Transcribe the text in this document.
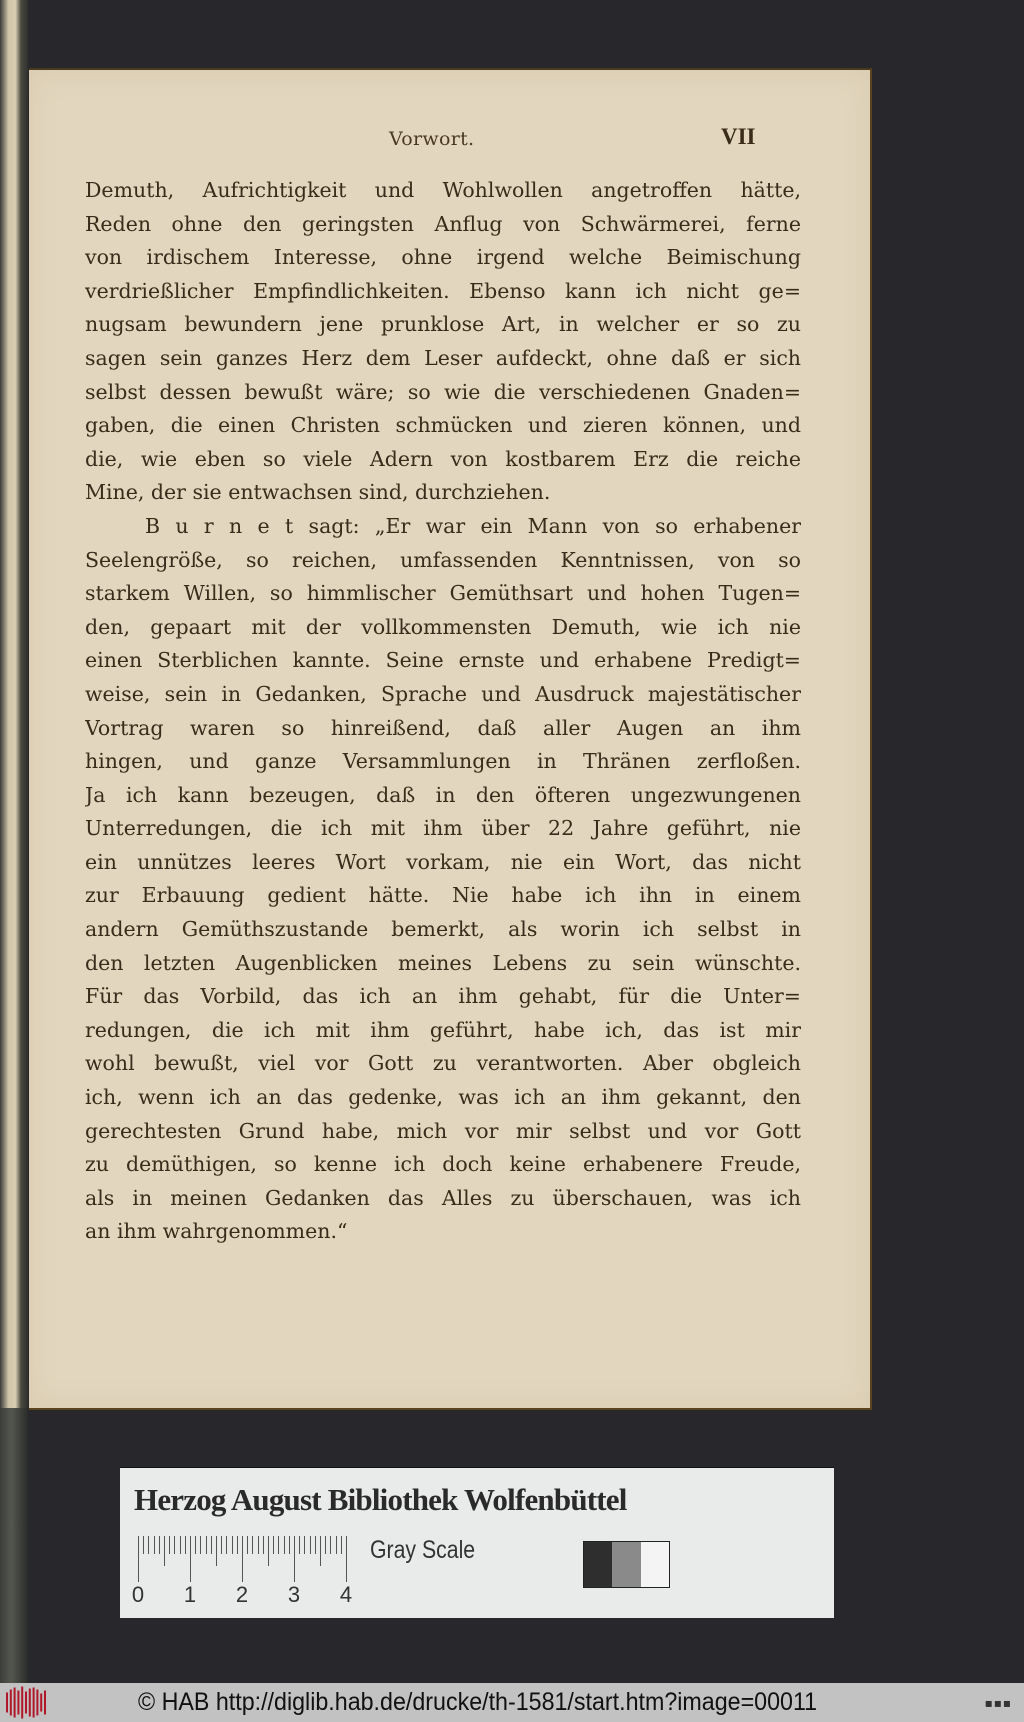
Vorwort.	VII
Demuth, Aufrichtigkeit und Wohlwollen angetroffen hätte,
Reden ohne den geringsten Anflug von Schwärmerei, ferne
von irdischem Interesse, ohne irgend welche Beimischung
verdrießlicher Empfindlichkeiten. Ebenso kann ich nicht ge=
nugsam bewundern jene prunklose Art, in welcher er so zu
sagen sein ganzes Herz dem Leser aufdeckt, ohne daß er sich
selbst dessen bewußt wäre; so wie die verschiedenen Gnaden=
gaben, die einen Christen schmücken und zieren können, und
die, wie eben so viele Adern von kostbarem Erz die reiche
Mine, der sie entwachsen sind, durchziehen.
B u r n e t sagt: „Er war ein Mann von so erhabener
Seelengröße, so reichen, umfassenden Kenntnissen, von so
starkem Willen, so himmlischer Gemüthsart und hohen Tugen=
den, gepaart mit der vollkommensten Demuth, wie ich nie
einen Sterblichen kannte. Seine ernste und erhabene Predigt=
weise, sein in Gedanken, Sprache und Ausdruck majestätischer
Vortrag waren so hinreißend, daß aller Augen an ihm
hingen, und ganze Versammlungen in Thränen zerfloßen.
Ja ich kann bezeugen, daß in den öfteren ungezwungenen
Unterredungen, die ich mit ihm über 22 Jahre geführt, nie
ein unnützes leeres Wort vorkam, nie ein Wort, das nicht
zur Erbauung gedient hätte. Nie habe ich ihn in einem
andern Gemüthszustande bemerkt, als worin ich selbst in
den letzten Augenblicken meines Lebens zu sein wünschte.
Für das Vorbild, das ich an ihm gehabt, für die Unter=
redungen, die ich mit ihm geführt, habe ich, das ist mir
wohl bewußt, viel vor Gott zu verantworten. Aber obgleich
ich, wenn ich an das gedenke, was ich an ihm gekannt, den
gerechtesten Grund habe, mich vor mir selbst und vor Gott
zu demüthigen, so kenne ich doch keine erhabenere Freude,
als in meinen Gedanken das Alles zu überschauen, was ich
an ihm wahrgenommen.“
Herzog August Bibliothek Wolfenbüttel
0 1 2 3 4
Gray Scale
© HAB http://diglib.hab.de/drucke/th-1581/start.htm?image=00011	▪▪▪
